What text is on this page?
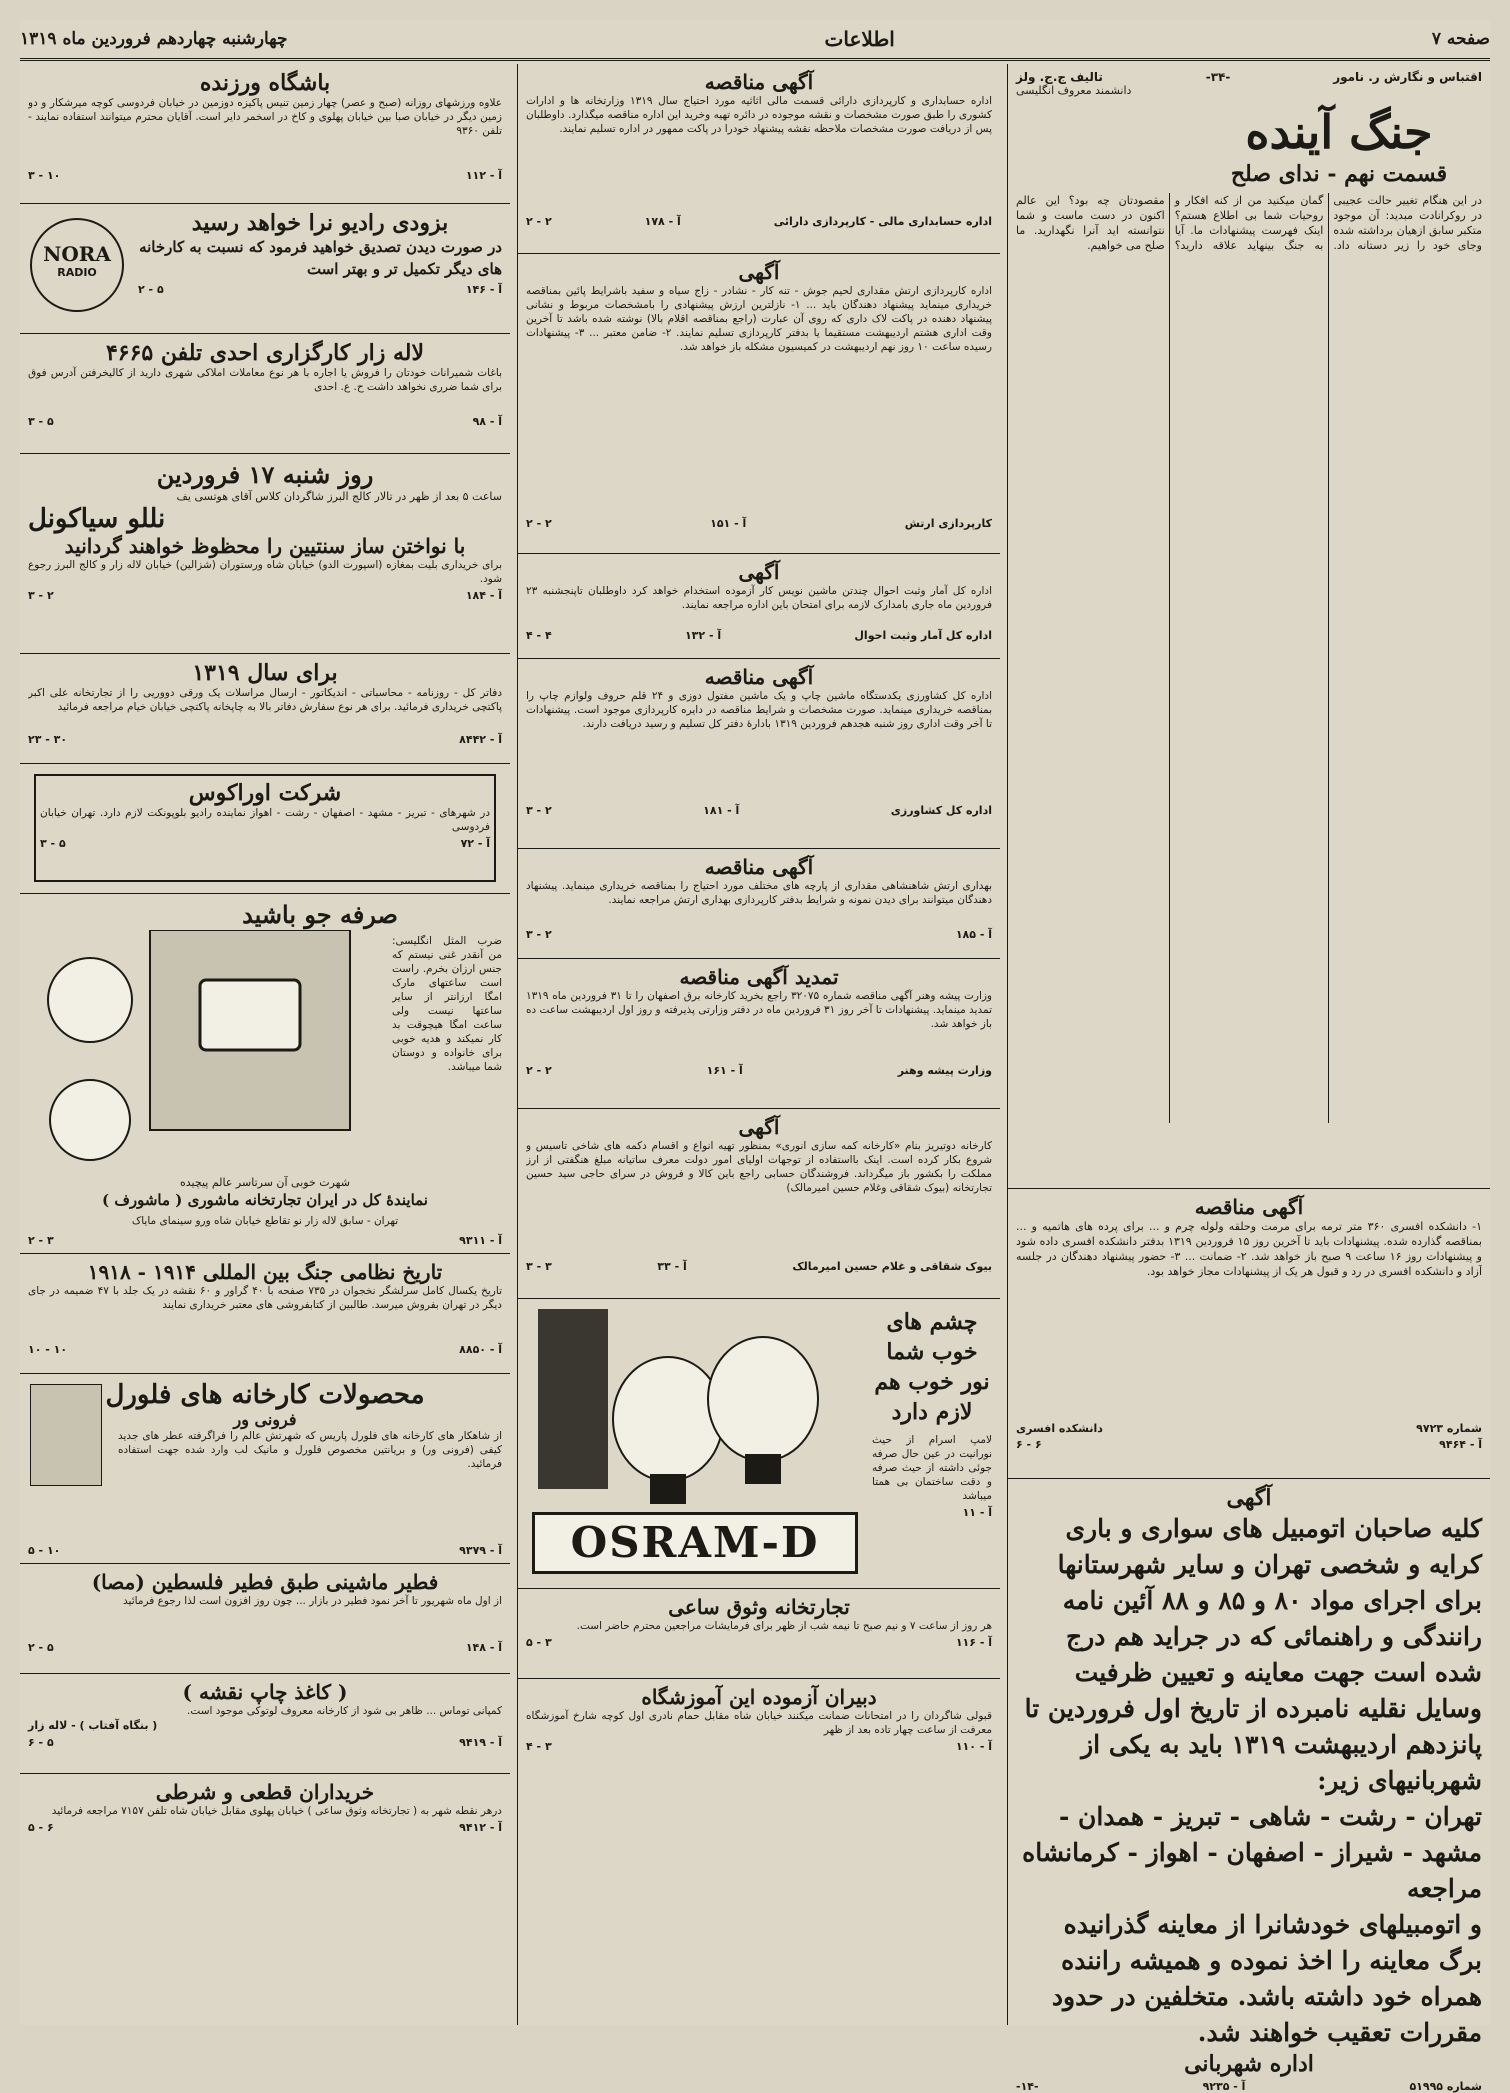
صفحه ۷
اطلاعات
چهارشنبه چهاردهم فروردین ماه ۱۳۱۹
اقتباس و نگارش ر. نامور
-۳۴-
تالیف ج.ج. ولز
دانشمند معروف انگلیسی
جنگ آینده
قسمت نهم - ندای صلح
در این هنگام تغییر حالت عجیبی در روکرانادت مبدید: آن موجود متکبر سابق ازهیان برداشته شده وجای خود را زیر دستانه داد. گمان میکنید من از کنه افکار و روحیات شما بی اطلاع هستم؟ اینک فهرست پیشنهادات ما. آیا به جنگ بینهاید علاقه دارید؟ مقصودتان چه بود؟ این عالم اکنون در دست ماست و شما نتوانسته اید آنرا نگهدارید. ما صلح می خواهیم.
آگهی مناقصه
۱- دانشکده افسری ۳۶۰ متر ترمه برای مرمت وحلقه ولوله چرم و ... برای پرده های هاتمیه و ... بمناقصه گذارده شده. پیشنهادات باید تا آخرین روز ۱۵ فروردین ۱۳۱۹ بدفتر دانشکده افسری داده شود و پیشنهادات روز ۱۶ ساعت ۹ صبح باز خواهد شد. ۲- ضمانت ... ۳- حضور پیشنهاد دهندگان در جلسه آزاد و دانشکده افسری در رد و قبول هر یک از پیشنهادات مجاز خواهد بود.
شماره ۹۷۲۳
دانشکده افسری
آ - ۹۴۶۴
۶ - ۶
آگهی
کلیه صاحبان اتومبیل های سواری و باری کرایه و شخصی تهران و سایر شهرستانها برای اجرای مواد ۸۰ و ۸۵ و ۸۸ آئین نامه رانندگی و راهنمائی که در جراید هم درج شده است جهت معاینه و تعیین ظرفیت وسایل نقلیه نامبرده از تاریخ اول فروردین تا پانزدهم اردیبهشت ۱۳۱۹ باید به یکی از شهربانیهای زیر:
تهران - رشت - شاهی - تبریز - همدان - مشهد - شیراز - اصفهان - اهواز - کرمانشاه مراجعه
و اتومبیلهای خودشانرا از معاینه گذرانیده برگ معاینه را اخذ نموده و همیشه راننده همراه خود داشته باشد. متخلفین در حدود مقررات تعقیب خواهند شد.
اداره شهربانی
شماره ۵۱۹۹۵
آ - ۹۲۳۵
-۱۴-
آگهی مناقصه
اداره حسابداری و کارپردازی دارائی قسمت مالی اثاثیه مورد احتیاج سال ۱۳۱۹ وزارتخانه ها و ادارات کشوری را طبق صورت مشخصات و نقشه موجوده در دائره تهیه وخرید این اداره مناقصه میگذارد. داوطلبان پس از دریافت صورت مشخصات ملاحظه نقشه پیشنهاد خودرا در پاکت ممهور در اداره تسلیم نمایند.
اداره حسابداری مالی - کارپردازی دارائی
آ - ۱۷۸
۲ - ۲
آگهی
اداره کارپردازی ارتش مقداری لحیم جوش - تنه کار - نشادر - زاج سیاه و سفید باشرایط پائین بمناقصه خریداری مینماید پیشنهاد دهندگان باید ... ۱- نازلترین ارزش پیشنهادی را بامشخصات مربوط و نشانی پیشنهاد دهنده در پاکت لاک داری که روی آن عبارت (راجع بمناقصه اقلام بالا) نوشته شده باشد تا آخرین وقت اداری هشتم اردیبهشت مستقیما یا بدفتر کارپردازی تسلیم نمایند. ۲- ضامن معتبر ... ۳- پیشنهادات رسیده ساعت ۱۰ روز نهم اردیبهشت در کمیسیون مشکله باز خواهد شد.
کارپردازی ارتش
آ - ۱۵۱
۲ - ۲
آگهی
اداره کل آمار وثبت احوال چندتن ماشین نویس کار آزموده استخدام خواهد کرد داوطلبان تاپنجشنبه ۲۳ فروردین ماه جاری بامدارک لازمه برای امتحان باین اداره مراجعه نمایند.
اداره کل آمار وثبت احوال
آ - ۱۳۲
۴ - ۴
آگهی مناقصه
اداره کل کشاورزی یکدستگاه ماشین چاپ و یک ماشین مفتول دوزی و ۲۴ قلم حروف ولوازم چاپ را بمناقصه خریداری مینماید. صورت مشخصات و شرایط مناقصه در دایره کارپردازی موجود است. پیشنهادات تا آخر وقت اداری روز شنبه هجدهم فروردین ۱۳۱۹ بادارهٔ دفتر کل تسلیم و رسید دریافت دارند.
اداره کل کشاورزی
آ - ۱۸۱
۲ - ۳
آگهی مناقصه
بهداری ارتش شاهنشاهی مقداری از پارچه های مختلف مورد احتیاج را بمناقصه خریداری مینماید. پیشنهاد دهندگان میتوانند برای دیدن نمونه و شرایط بدفتر کارپردازی بهداری ارتش مراجعه نمایند.
آ - ۱۸۵
۲ - ۳
تمدید آگهی مناقصه
وزارت پیشه وهنر آگهی مناقصه شماره ۳۲۰۷۵ راجع بخرید کارخانه برق اصفهان را تا ۳۱ فروردین ماه ۱۳۱۹ تمدید مینماید. پیشنهادات تا آخر روز ۳۱ فروردین ماه در دفتر وزارتی پذیرفته و روز اول اردیبهشت ساعت ده باز خواهد شد.
وزارت پیشه وهنر
آ - ۱۶۱
۲ - ۲
آگهی
کارخانه دوتیریز بنام «کارخانه کمه سازی انوری» بمنظور تهیه انواع و اقسام دکمه های شاخی تاسیس و شروع بکار کرده است. اینک بااستفاده از توجهات اولیای امور دولت معرف ساتیانه مبلغ هنگفتی از ارز مملکت را بکشور باز میگرداند. فروشندگان حسابی راجع باین کالا و فروش در سرای حاجی سید حسین تجارتخانه (بیوک شقاقی وغلام حسین امیرمالک)
بیوک شقاقی و غلام حسین امیرمالک
آ - ۳۳
۳ - ۳
چشم های خوب شما نور خوب هم لازم دارد
لامپ اسرام از حیث نورانیت در عین حال صرفه جوئی داشته از حیث صرفه و دقت ساختمان بی همتا میباشد
آ - ۱۱
OSRAM-D
تجارتخانه وثوق ساعی
هر روز از ساعت ۷ و نیم صبح تا نیمه شب از ظهر برای فرمایشات مراجعین محترم حاضر است.
آ - ۱۱۶
۳ - ۵
دبیران آزموده این آموزشگاه
قبولی شاگردان را در امتحانات ضمانت میکنند خیابان شاه مقابل حمام نادری اول کوچه شارخ آموزشگاه معرفت از ساعت چهار تاده بعد از ظهر
آ - ۱۱۰
۳ - ۴
باشگاه ورزنده
علاوه ورزشهای روزانه (صبح و عصر) چهار زمین تنیس پاکیزه دوزمین در خیابان فردوسی کوچه میرشکار و دو زمین دیگر در خیابان صبا بین خیابان پهلوی و کاخ در اسخمر دایر است. آقایان محترم میتوانند استفاده نمایند - تلفن ۹۳۶۰
آ - ۱۱۲
۱۰ - ۳
NORA
RADIO
بزودی رادیو نرا خواهد رسید
در صورت دیدن تصدیق خواهید فرمود که نسبت به کارخانه های دیگر تکمیل تر و بهتر است
آ - ۱۴۶
۵ - ۲
لاله زار کارگزاری احدی تلفن ۴۶۶۵
باغات شمیرانات خودتان را فروش یا اجاره با هر نوع معاملات املاکی شهری دارید از کالیخرفتن آدرس فوق برای شما ضرری نخواهد داشت ح. ع. احدی
آ - ۹۸
۵ - ۳
روز شنبه ۱۷ فروردین
ساعت ۵ بعد از ظهر در تالار کالج البرز شاگردان کلاس آقای هوتسی یف
نللو سیاکونل
با نواختن ساز سنتیین را محظوظ خواهند گردانید
برای خریداری بلیت بمغازه (اسپورت الدو) خیابان شاه ورستوران (شزالین) خیابان لاله زار و کالج البرز رجوع شود.
آ - ۱۸۴
۲ - ۳
برای سال ۱۳۱۹
دفاتر کل - روزنامه - محاسباتی - اندیکاتور - ارسال مراسلات یک ورقی دووریی را از تجارتخانه علی اکبر پاکتچی خریداری فرمائید. برای هر نوع سفارش دفاتر بالا به چاپخانه پاکتچی خیابان خیام مراجعه فرمائید
آ - ۸۴۴۲
۳۰ - ۲۳
شرکت اوراکوس
در شهرهای - تبریز - مشهد - اصفهان - رشت - اهواز نماینده رادیو بلوپونکت لازم دارد. تهران خیابان فردوسی
آ - ۷۲
۵ - ۳
صرفه جو باشید
ضرب المثل انگلیسی: من آنقدر غنی نیستم که جنس ارزان بخرم. راست است ساعتهای مارک امگا ارزانتر از سایر ساعتها نیست ولی ساعت امگا هیچوقت بد کار نمیکند و هدیه خوبی برای خانواده و دوستان شما میباشد.
شهرت خوبی آن سرتاسر عالم پیچیده
نمایندهٔ کل در ایران تجارتخانه ماشوری ( ماشورف )
تهران - سابق لاله زار نو تقاطع خیابان شاه ورو سینمای مایاک
آ - ۹۳۱۱
۳ - ۲
تاریخ نظامی جنگ بین المللی ۱۹۱۴ - ۱۹۱۸
تاریخ یکسال کامل سرلشگر نخجوان در ۷۳۵ صفحه با ۴۰ گراور و ۶۰ نقشه در یک جلد با ۴۷ ضمیمه در جای دیگر در تهران بفروش میرسد. طالبین از کتابفروشی های معتبر خریداری نمایند
آ - ۸۸۵۰
۱۰ - ۱۰
محصولات کارخانه های فلورل
فرونی ور
از شاهکار های کارخانه های فلورل پاریس که شهرتش عالم را فراگرفته عطر های جدید کیفی (فرونی ور) و بریانتین مخصوص فلورل و مانیک لب وارد شده جهت استفاده فرمائید.
آ - ۹۳۷۹
۱۰ - ۵
فطیر ماشینی طبق فطیر فلسطین (مصا)
از اول ماه شهریور تا آخر نمود فطیر در بازار ... چون روز افزون است لذا رجوع فرمائید
آ - ۱۴۸
۵ - ۲
( کاغذ چاپ نقشه )
کمپانی توماس ... ظاهر بی شود از کارخانه معروف لوتوکی موجود است.
( بنگاه آفتاب ) - لاله زار
آ - ۹۴۱۹
۵ - ۶
خریداران قطعی و شرطی
درهر نقطه شهر به ( تجارتخانه وثوق ساعی ) خیابان پهلوی مقابل خیابان شاه تلفن ۷۱۵۷ مراجعه فرمائید
آ - ۹۴۱۲
۶ - ۵
